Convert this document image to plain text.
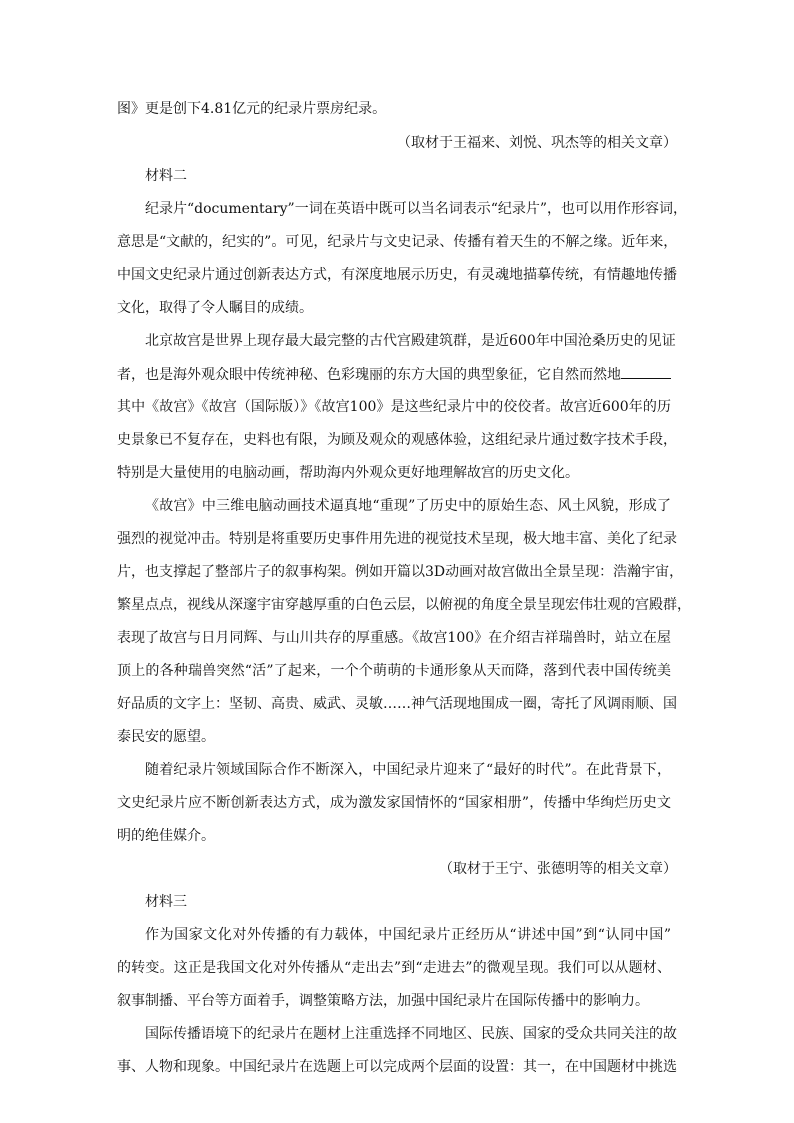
图》更是创下4.81亿元的纪录片票房纪录。
（取材于王福来、刘悦、巩杰等的相关文章）
材料二
纪录片“documentary”一词在英语中既可以当名词表示“纪录片”，也可以用作形容词，
意思是“文献的，纪实的”。可见，纪录片与文史记录、传播有着天生的不解之缘。近年来，
中国文史纪录片通过创新表达方式，有深度地展示历史，有灵魂地描摹传统，有情趣地传播
文化，取得了令人瞩目的成绩。
北京故宫是世界上现存最大最完整的古代宫殿建筑群，是近600年中国沧桑历史的见证
者，也是海外观众眼中传统神秘、色彩瑰丽的东方大国的典型象征，它自然而然地
其中《故宫》《故宫（国际版）》《故宫100》是这些纪录片中的佼佼者。故宫近600年的历
史景象已不复存在，史料也有限，为顾及观众的观感体验，这组纪录片通过数字技术手段，
特别是大量使用的电脑动画，帮助海内外观众更好地理解故宫的历史文化。
《故宫》中三维电脑动画技术逼真地“重现”了历史中的原始生态、风土风貌，形成了
强烈的视觉冲击。特别是将重要历史事件用先进的视觉技术呈现，极大地丰富、美化了纪录
片，也支撑起了整部片子的叙事构架。例如开篇以3D动画对故宫做出全景呈现：浩瀚宇宙，
繁星点点，视线从深邃宇宙穿越厚重的白色云层，以俯视的角度全景呈现宏伟壮观的宫殿群，
表现了故宫与日月同辉、与山川共存的厚重感。《故宫100》在介绍吉祥瑞兽时，站立在屋
顶上的各种瑞兽突然“活”了起来，一个个萌萌的卡通形象从天而降，落到代表中国传统美
好品质的文字上：坚韧、高贵、威武、灵敏……神气活现地围成一圈，寄托了风调雨顺、国
泰民安的愿望。
随着纪录片领域国际合作不断深入，中国纪录片迎来了“最好的时代”。在此背景下，
文史纪录片应不断创新表达方式，成为激发家国情怀的“国家相册”，传播中华绚烂历史文
明的绝佳媒介。
（取材于王宁、张德明等的相关文章）
材料三
作为国家文化对外传播的有力载体，中国纪录片正经历从“讲述中国”到“认同中国”
的转变。这正是我国文化对外传播从“走出去”到“走进去”的微观呈现。我们可以从题材、
叙事制播、平台等方面着手，调整策略方法，加强中国纪录片在国际传播中的影响力。
国际传播语境下的纪录片在题材上注重选择不同地区、民族、国家的受众共同关注的故
事、人物和现象。中国纪录片在选题上可以完成两个层面的设置：其一，在中国题材中挑选
